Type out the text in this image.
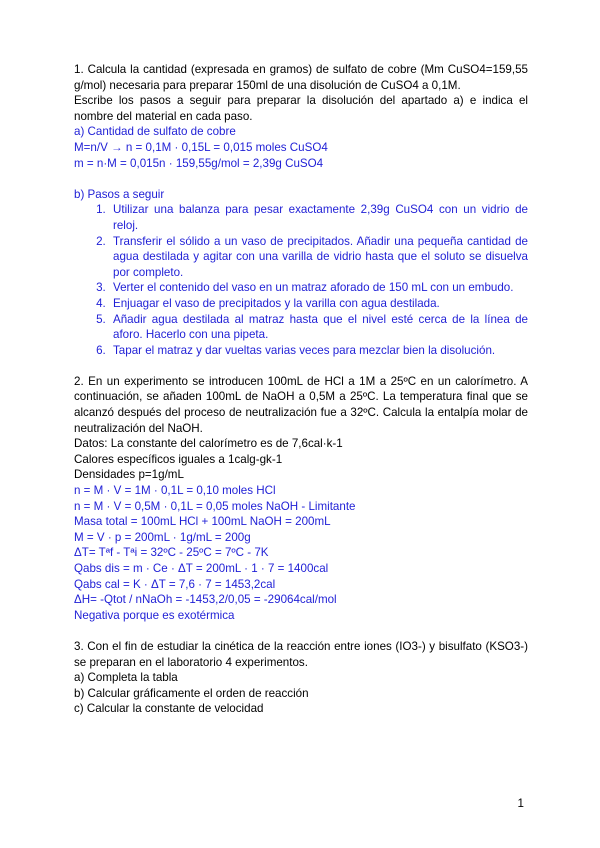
1. Calcula la cantidad (expresada en gramos) de sulfato de cobre (Mm CuSO4=159,55 g/mol) necesaria para preparar 150ml de una disolución de CuSO4 a 0,1M.

Escribe los pasos a seguir para preparar la disolución del apartado a) e indica el nombre del material en cada paso.

a) Cantidad de sulfato de cobre

M=n/V → n = 0,1M · 0,15L = 0,015 moles CuSO4

m = n·M = 0,015n · 159,55g/mol = 2,39g CuSO4

b) Pasos a seguir

1. Utilizar una balanza para pesar exactamente 2,39g CuSO4 con un vidrio de reloj.
2. Transferir el sólido a un vaso de precipitados. Añadir una pequeña cantidad de agua destilada y agitar con una varilla de vidrio hasta que el soluto se disuelva por completo.
3. Verter el contenido del vaso en un matraz aforado de 150 mL con un embudo.
4. Enjuagar el vaso de precipitados y la varilla con agua destilada.
5. Añadir agua destilada al matraz hasta que el nivel esté cerca de la línea de aforo. Hacerlo con una pipeta.
6. Tapar el matraz y dar vueltas varias veces para mezclar bien la disolución.

2. En un experimento se introducen 100mL de HCl a 1M a 25ºC en un calorímetro. A continuación, se añaden 100mL de NaOH a 0,5M a 25ºC. La temperatura final que se alcanzó después del proceso de neutralización fue a 32ºC. Calcula la entalpía molar de neutralización del NaOH.

Datos: La constante del calorímetro es de 7,6cal·k-1

Calores específicos iguales a 1calg-gk-1

Densidades p=1g/mL

n = M · V = 1M · 0,1L = 0,10 moles HCl

n = M · V = 0,5M · 0,1L = 0,05 moles NaOH - Limitante

Masa total = 100mL HCl + 100mL NaOH = 200mL

M = V · p = 200mL · 1g/mL = 200g

ΔT= Tªf - Tªi = 32ºC - 25ºC = 7ºC - 7K

Qabs dis = m · Ce · ΔT = 200mL · 1 · 7 = 1400cal

Qabs cal = K · ΔT = 7,6 · 7 = 1453,2cal

ΔH= -Qtot / nNaOh = -1453,2/0,05 = -29064cal/mol

Negativa porque es exotérmica

3. Con el fin de estudiar la cinética de la reacción entre iones (IO3-) y bisulfato (KSO3-) se preparan en el laboratorio 4 experimentos.

a) Completa la tabla

b) Calcular gráficamente el orden de reacción

c) Calcular la constante de velocidad

1
